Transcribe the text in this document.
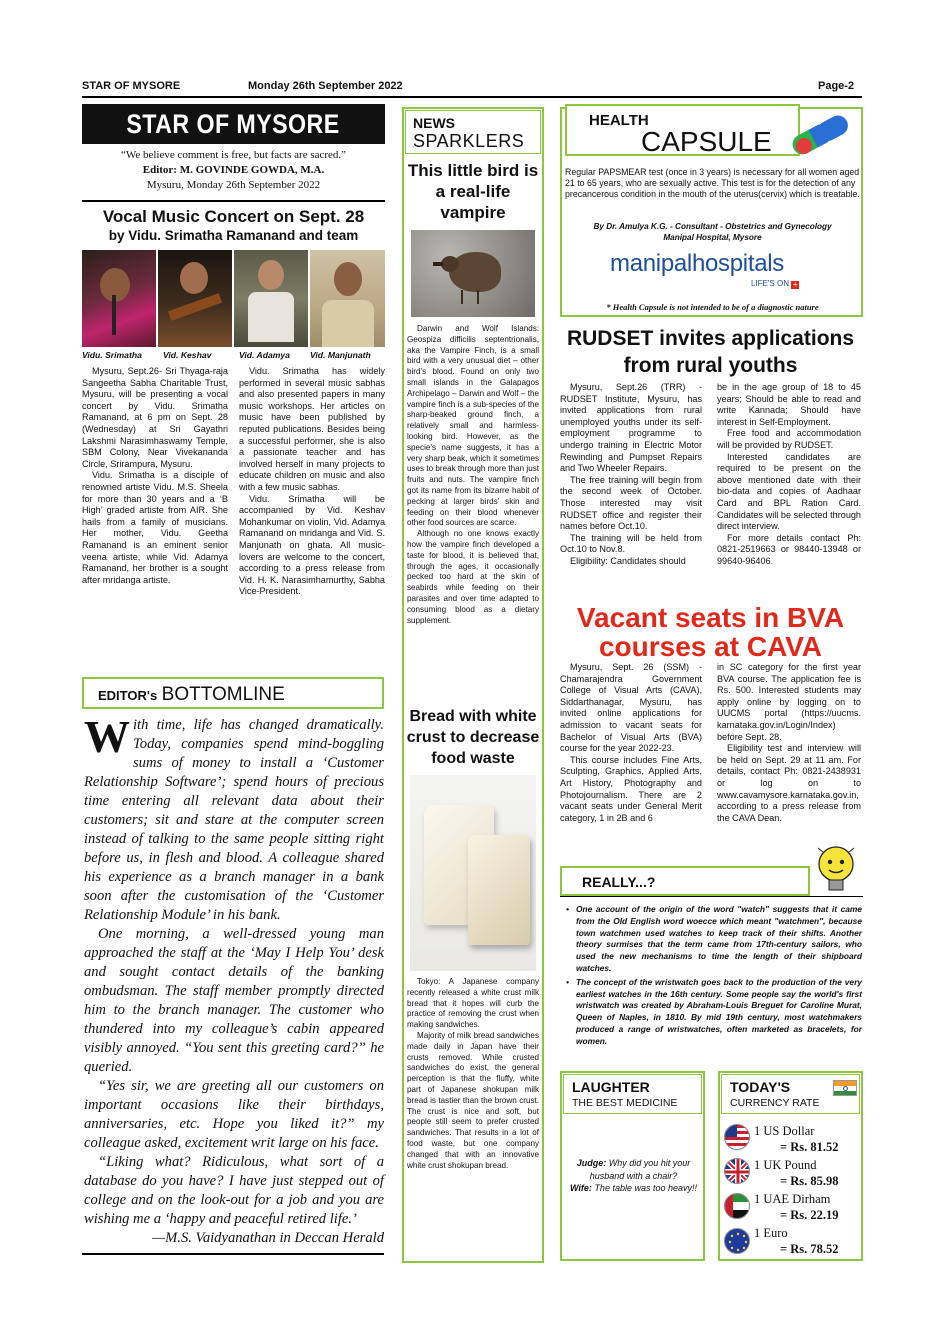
STAR OF MYSORE	Monday 26th September 2022	Page-2
STAR OF MYSORE
“We believe comment is free, but facts are sacred.”
Editor: M. GOVINDE GOWDA, M.A.
Mysuru, Monday 26th September 2022
Vocal Music Concert on Sept. 28
by Vidu. Srimatha Ramanand and team
Vidu. Srimatha Vid. Keshav	Vid. Adamya Vid. Manjunath

Mysuru, Sept.26- Sri Thyaga-raja Sangeetha Sabha Charitable Trust, Mysuru, will be presenting a vocal concert by Vidu. Srimatha Ramanand, at 6 pm on Sept. 28 (Wednesday) at Sri Gayathri Lakshmi Narasimhaswamy Temple, SBM Colony, Near Vivekananda Circle, Srirampura, Mysuru.

Vidu. Srimatha is a disciple of renowned artiste Vidu. M.S. Sheela for more than 30 years and a ‘B High’ graded artiste from AIR. She hails from a family of musicians. Her mother, Vidu. Geetha Ramanand is an eminent senior veena artiste, while Vid. Adamya Ramanand, her brother is a sought after mridanga artiste.

Vidu. Srimatha has widely performed in several music sabhas and also presented papers in many music workshops. Her articles on music have been published by reputed publications. Besides being a successful performer, she is also a passionate teacher and has involved herself in many projects to educate children on music and also with a few music sabhas.

Vidu. Srimatha will be accompanied by Vid. Keshav Mohankumar on violin, Vid. Adamya Ramanand on mridanga and Vid. S. Manjunath on ghata. All music-lovers are welcome to the concert, according to a press release from Vid. H. K. Narasimhamurthy, Sabha Vice-President.

EDITOR's BOTTOMLINE

With time, life has changed dramatically. Today, companies spend mind-boggling sums of money to install a ‘Customer Relationship Software’; spend hours of precious time entering all relevant data about their customers; sit and stare at the computer screen instead of talking to the same people sitting right before us, in flesh and blood. A colleague shared his experience as a branch manager in a bank soon after the customisation of the ‘Customer Relationship Module’ in his bank.

One morning, a well-dressed young man approached the staff at the ‘May I Help You’ desk and sought contact details of the banking ombudsman. The staff member promptly directed him to the branch manager. The customer who thundered into my colleague’s cabin appeared visibly annoyed. “You sent this greeting card?” he queried.

“Yes sir, we are greeting all our customers on important occasions like their birthdays, anniversaries, etc. Hope you liked it?” my colleague asked, excitement writ large on his face.

“Liking what? Ridiculous, what sort of a database do you have? I have just stepped out of college and on the look-out for a job and you are wishing me a ‘happy and peaceful retired life.’

—M.S. Vaidyanathan in Deccan Herald
NEWS
SPARKLERS
This little bird is a real-life vampire

Darwin and Wolf Islands: Geospiza difficilis septentrionalis, aka the Vampire Finch, is a small bird with a very unusual diet – other bird’s blood. Found on only two small islands in the Galapagos Archipelago – Darwin and Wolf – the vampire finch is a sub-species of the sharp-beaked ground finch, a relatively small and harmless-looking bird. However, as the specie’s name suggests, it has a very sharp beak, which it sometimes uses to break through more than just fruits and nuts. The vampire finch got its name from its bizarre habit of pecking at larger birds’ skin and feeding on their blood whenever other food sources are scarce.

Although no one knows exactly how the vampire finch developed a taste for blood, it is believed that, through the ages, it occasionally pecked too hard at the skin of seabirds while feeding on their parasites and over time adapted to consuming blood as a dietary supplement.

Bread with white crust to decrease food waste

Tokyo: A Japanese company recently released a white crust milk bread that it hopes will curb the practice of removing the crust when making sandwiches.

Majority of milk bread sandwiches made daily in Japan have their crusts removed. While crusted sandwiches do exist, the general perception is that the fluffy, white part of Japanese shokupan milk bread is tastier than the brown crust. The crust is nice and soft, but people still seem to prefer crusted sandwiches. That results in a lot of food waste, but one company changed that with an innovative white crust shokupan bread.

HEALTH
CAPSULE
Regular PAPSMEAR test (once in 3 years) is necessary for all women aged 21 to 65 years, who are sexually active. This test is for the detection of any precancerous condition in the mouth of the uterus(cervix) which is treatable.
By Dr. Amulya K.G. - Consultant - Obstetrics and Gynecology
Manipal Hospital, Mysore
manipalhospitals
LIFE'S ON +
* Health Capsule is not intended to be of a diagnostic nature
RUDSET invites applications from rural youths

Mysuru, Sept.26 (TRR) - RUDSET Institute, Mysuru, has invited applications from rural unemployed youths under its self-employment programme to undergo training in Electric Motor Rewinding and Pumpset Repairs and Two Wheeler Repairs.

The free training will begin from the second week of October. Those interested may visit RUDSET office and register their names before Oct.10.

The training will be held from Oct.10 to Nov.8.

Eligibility: Candidates should

be in the age group of 18 to 45 years; Should be able to read and write Kannada; Should have interest in Self-Employment.

Free food and accommodation will be provided by RUDSET.

Interested candidates are required to be present on the above mentioned date with their bio-data and copies of Aadhaar Card and BPL Ration Card. Candidates will be selected through direct interview.

For more details contact Ph: 0821-2519663 or 98440-13948 or 99640-96406.

Vacant seats in BVA
courses at CAVA

Mysuru, Sept. 26 (SSM) - Chamarajendra Government College of Visual Arts (CAVA), Siddarthanagar, Mysuru, has invited online applications for admission to vacant seats for Bachelor of Visual Arts (BVA) course for the year 2022-23.

This course includes Fine Arts, Sculpting, Graphics, Applied Arts, Art History, Photography and Photojournalism. There are 2 vacant seats under General Merit category, 1 in 2B and 6

in SC category for the first year BVA course. The application fee is Rs. 500. Interested students may apply online by logging on to UUCMS portal (https://uucms. karnataka.gov.in/Login/Index) before Sept. 28.

Eligibility test and interview will be held on Sept. 29 at 11 am. For details, contact Ph: 0821-2438931 or log on to www.cavamysore.karnataka.gov.in, according to a press release from the CAVA Dean.

REALLY...?
• One account of the origin of the word "watch" suggests that it came from the Old English word woecce which meant "watchmen", because town watchmen used watches to keep track of their shifts. Another theory surmises that the term came from 17th-century sailors, who used the new mechanisms to time the length of their shipboard watches.
• The concept of the wristwatch goes back to the production of the very earliest watches in the 16th century. Some people say the world's first wristwatch was created by Abraham-Louis Breguet for Caroline Murat, Queen of Naples, in 1810. By mid 19th century, most watchmakers produced a range of wristwatches, often marketed as bracelets, for women.
LAUGHTER
THE BEST MEDICINE
Judge: Why did you hit your husband with a chair?
Wife: The table was too heavy!!
TODAY'S
CURRENCY RATE
1 US Dollar
= Rs. 81.52
1 UK Pound
= Rs. 85.98
1 UAE Dirham
= Rs. 22.19
1 Euro
= Rs. 78.52
